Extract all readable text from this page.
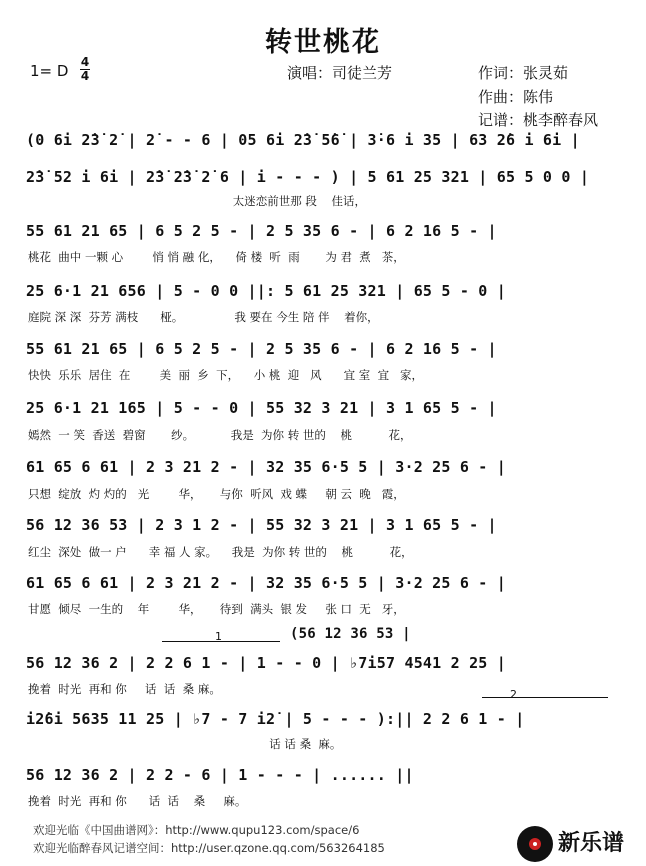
转世桃花
1= D 4
4	演唱：司徒兰芳	作词：张灵茹
作曲：陈伟
记谱：桃李醉春风
(0 6i 2̇3̇ 2̇ | 2̇ - - 6 | 05 6i 2̇3̇ 5̇6̇ | 3̇·6 i 35 | 63 2̇6 i 6i |
2̇3̇ 52 i 6i | 2̇3̇ 2̇3̇ 2̇ 6 | i - - - ) | 5 61 25 321 | 65 5 0 0 |
太迷恋前世那 段    佳话，
55 61 21 65 | 6 5 2 5 - | 2 5 35 6 - | 6 2 16 5 - |
桃花  曲中 一颗 心        悄 悄 融 化，    倚 楼  听  雨       为 君  煮   茶，
25 6·1 21 656 | 5 - 0 0 ||: 5 61 25 321 | 65 5 - 0 |
庭院 深 深  芬芳 满枝      桠。              我 要在 今生 陪 伴    着你，
55 61 21 65 | 6 5 2 5 - | 2 5 35 6 - | 6 2 16 5 - |
快快  乐乐  居住  在        美  丽  乡  下，    小 桃  迎   风      宜 室  宜   家，
25 6·1 21 165 | 5 - - 0 | 55 32 3 21 | 3 1 65 5 - |
嫣然  一 笑  香送  碧窗       纱。          我是  为你 转 世的    桃          花，
61 65 6 61 | 2 3 21 2 - | 32 35 6·5 5 | 3·2 25 6 - |
只想  绽放  灼 灼的   光        华，     与你  听风  戏 蝶     朝 云  晚   霞，
56 12 36 53 | 2 3 1 2 - | 55 32 3 21 | 3 1 65 5 - |
红尘  深处  做一 户      幸 福 人 家。    我是  为你 转 世的    桃          花，
61 65 6 61 | 2 3 21 2 - | 32 35 6·5 5 | 3·2 25 6 - |
甘愿  倾尽  一生的    年        华，     待到  满头  银 发     张 口  无   牙，
1	(56 12 36 53 |
56 12 36 2 | 2 2 6 1 - | 1 - - 0 | ♭7i57 4541 2 25 |
挽着  时光  再和 你     话  话  桑 麻。	2
i2̇6i 5635 11 25 | ♭7 - 7 i2̇ | 5 - - - ):|| 2 2 6 1 - |
话 话 桑  麻。
56 12 36 2 | 2 2 - 6 | 1 - - - | ...... ||
挽着  时光  再和 你      话  话    桑     麻。
欢迎光临《中国曲谱网》：http://www.qupu123.com/space/6
欢迎光临醉春风记谱空间：http://user.qzone.qq.com/563264185	新乐谱
